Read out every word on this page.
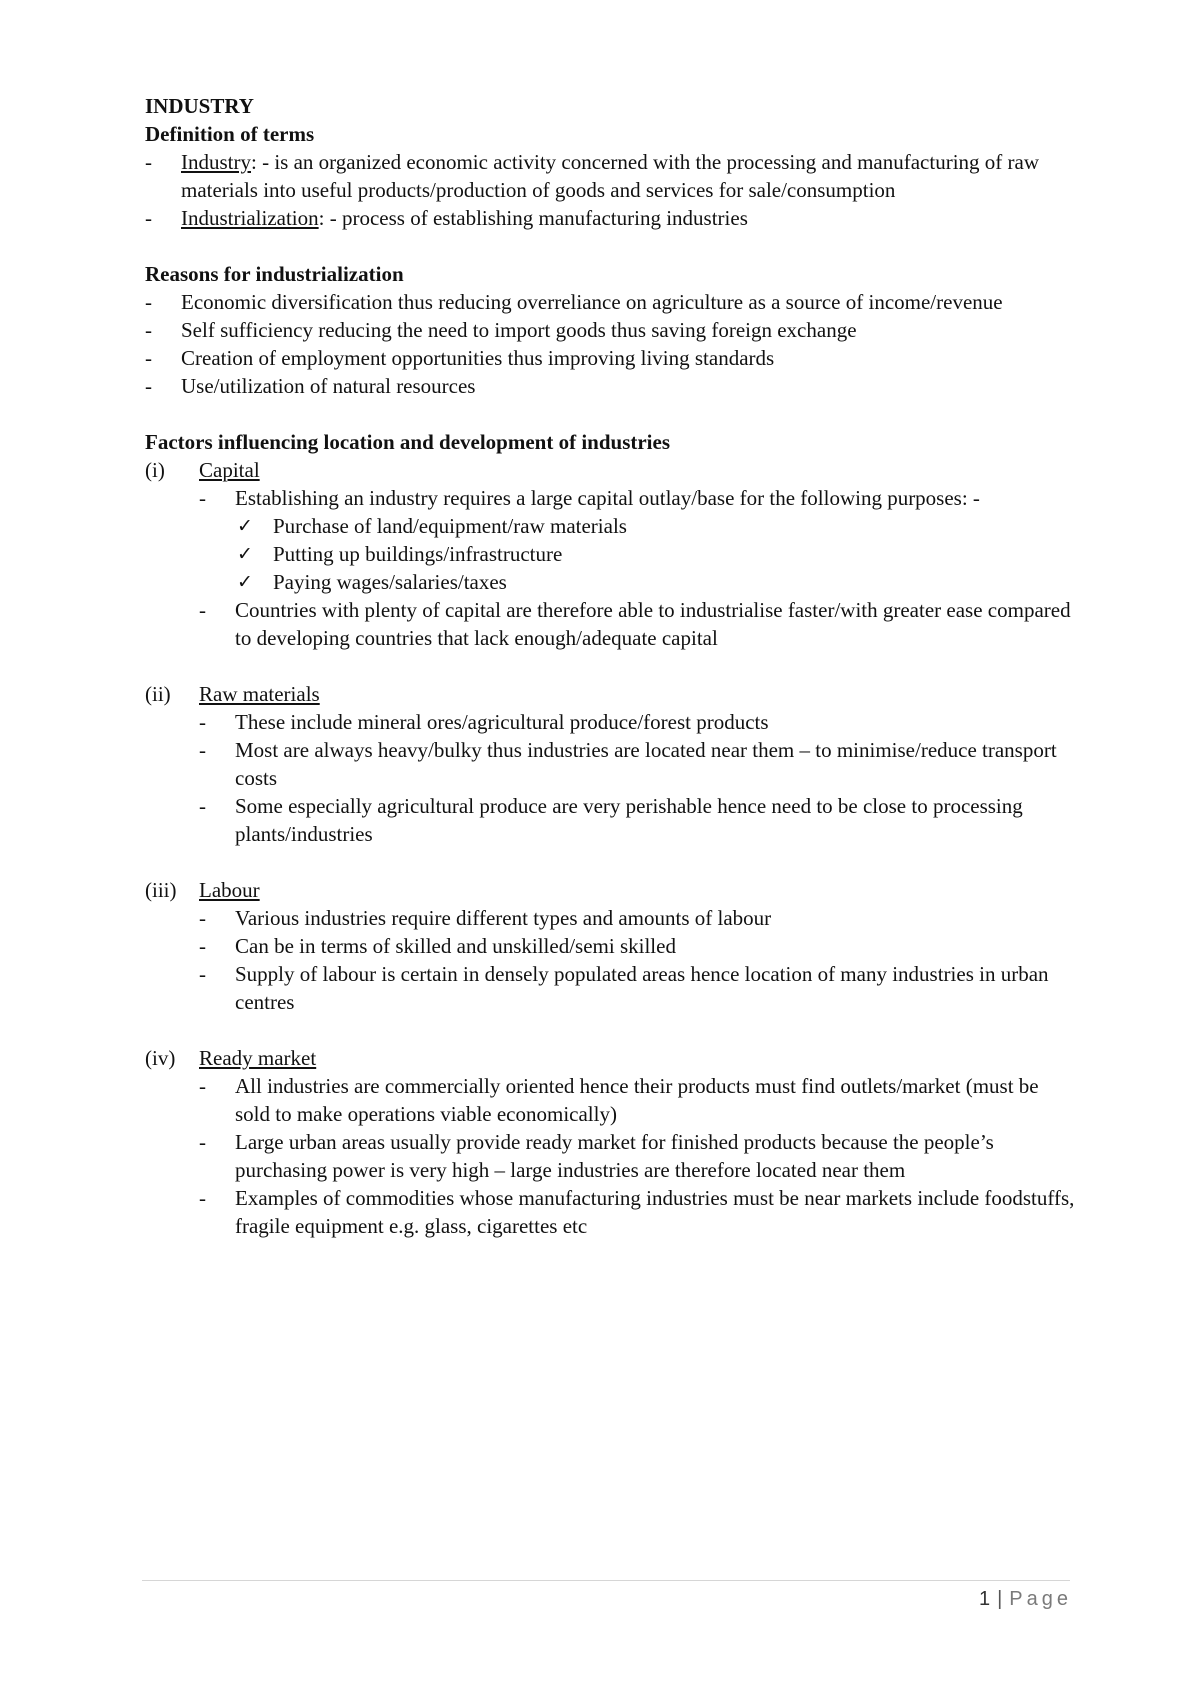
INDUSTRY
Definition of terms
- Industry: - is an organized economic activity concerned with the processing and manufacturing of raw materials into useful products/production of goods and services for sale/consumption
- Industrialization: - process of establishing manufacturing industries
Reasons for industrialization
- Economic diversification thus reducing overreliance on agriculture as a source of income/revenue
- Self sufficiency reducing the need to import goods thus saving foreign exchange
- Creation of employment opportunities thus improving living standards
- Use/utilization of natural resources
Factors influencing location and development of industries
(i) Capital
- Establishing an industry requires a large capital outlay/base for the following purposes: -
✓ Purchase of land/equipment/raw materials
✓ Putting up buildings/infrastructure
✓ Paying wages/salaries/taxes
- Countries with plenty of capital are therefore able to industrialise faster/with greater ease compared to developing countries that lack enough/adequate capital
(ii) Raw materials
- These include mineral ores/agricultural produce/forest products
- Most are always heavy/bulky thus industries are located near them – to minimise/reduce transport costs
- Some especially agricultural produce are very perishable hence need to be close to processing plants/industries
(iii) Labour
- Various industries require different types and amounts of labour
- Can be in terms of skilled and unskilled/semi skilled
- Supply of labour is certain in densely populated areas hence location of many industries in urban centres
(iv) Ready market
- All industries are commercially oriented hence their products must find outlets/market (must be sold to make operations viable economically)
- Large urban areas usually provide ready market for finished products because the people’s purchasing power is very high – large industries are therefore located near them
- Examples of commodities whose manufacturing industries must be near markets include foodstuffs, fragile equipment e.g. glass, cigarettes etc
1 | Page
